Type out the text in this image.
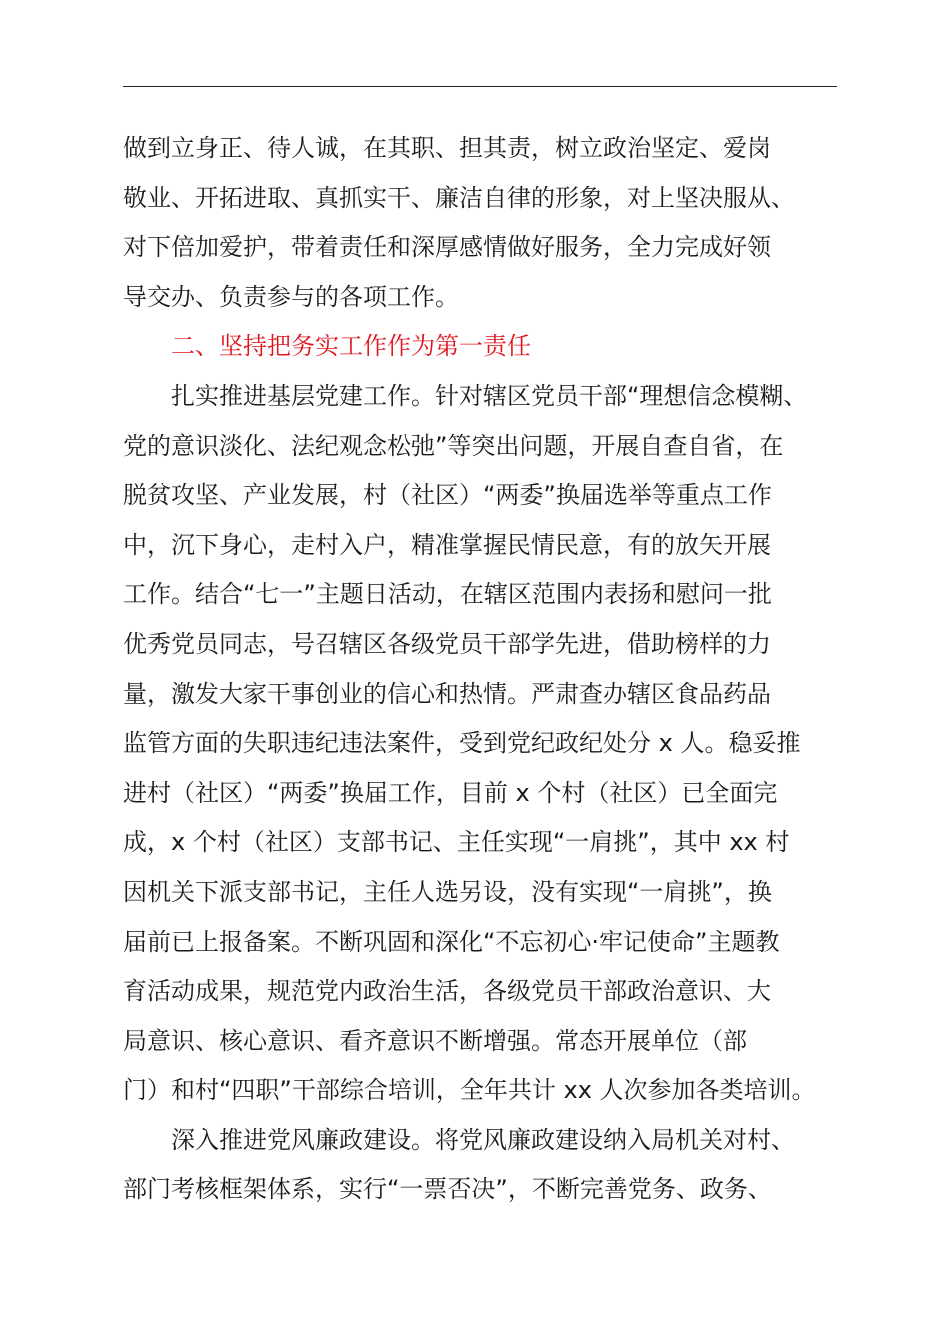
做到立身正、待人诚，在其职、担其责，树立政治坚定、爱岗
敬业、开拓进取、真抓实干、廉洁自律的形象，对上坚决服从、
对下倍加爱护，带着责任和深厚感情做好服务，全力完成好领
导交办、负责参与的各项工作。
二、坚持把务实工作作为第一责任
扎实推进基层党建工作。针对辖区党员干部“理想信念模糊、
党的意识淡化、法纪观念松弛”等突出问题，开展自查自省，在
脱贫攻坚、产业发展，村（社区）“两委”换届选举等重点工作
中，沉下身心，走村入户，精准掌握民情民意，有的放矢开展
工作。结合“七一”主题日活动，在辖区范围内表扬和慰问一批
优秀党员同志，号召辖区各级党员干部学先进，借助榜样的力
量，激发大家干事创业的信心和热情。严肃查办辖区食品药品
监管方面的失职违纪违法案件，受到党纪政纪处分 x 人。稳妥推
进村（社区）“两委”换届工作，目前 x 个村（社区）已全面完
成，x 个村（社区）支部书记、主任实现“一肩挑”，其中 xx 村
因机关下派支部书记，主任人选另设，没有实现“一肩挑”，换
届前已上报备案。不断巩固和深化“不忘初心·牢记使命”主题教
育活动成果，规范党内政治生活，各级党员干部政治意识、大
局意识、核心意识、看齐意识不断增强。常态开展单位（部
门）和村“四职”干部综合培训，全年共计 xx 人次参加各类培训。
深入推进党风廉政建设。将党风廉政建设纳入局机关对村、
部门考核框架体系，实行“一票否决”，不断完善党务、政务、
